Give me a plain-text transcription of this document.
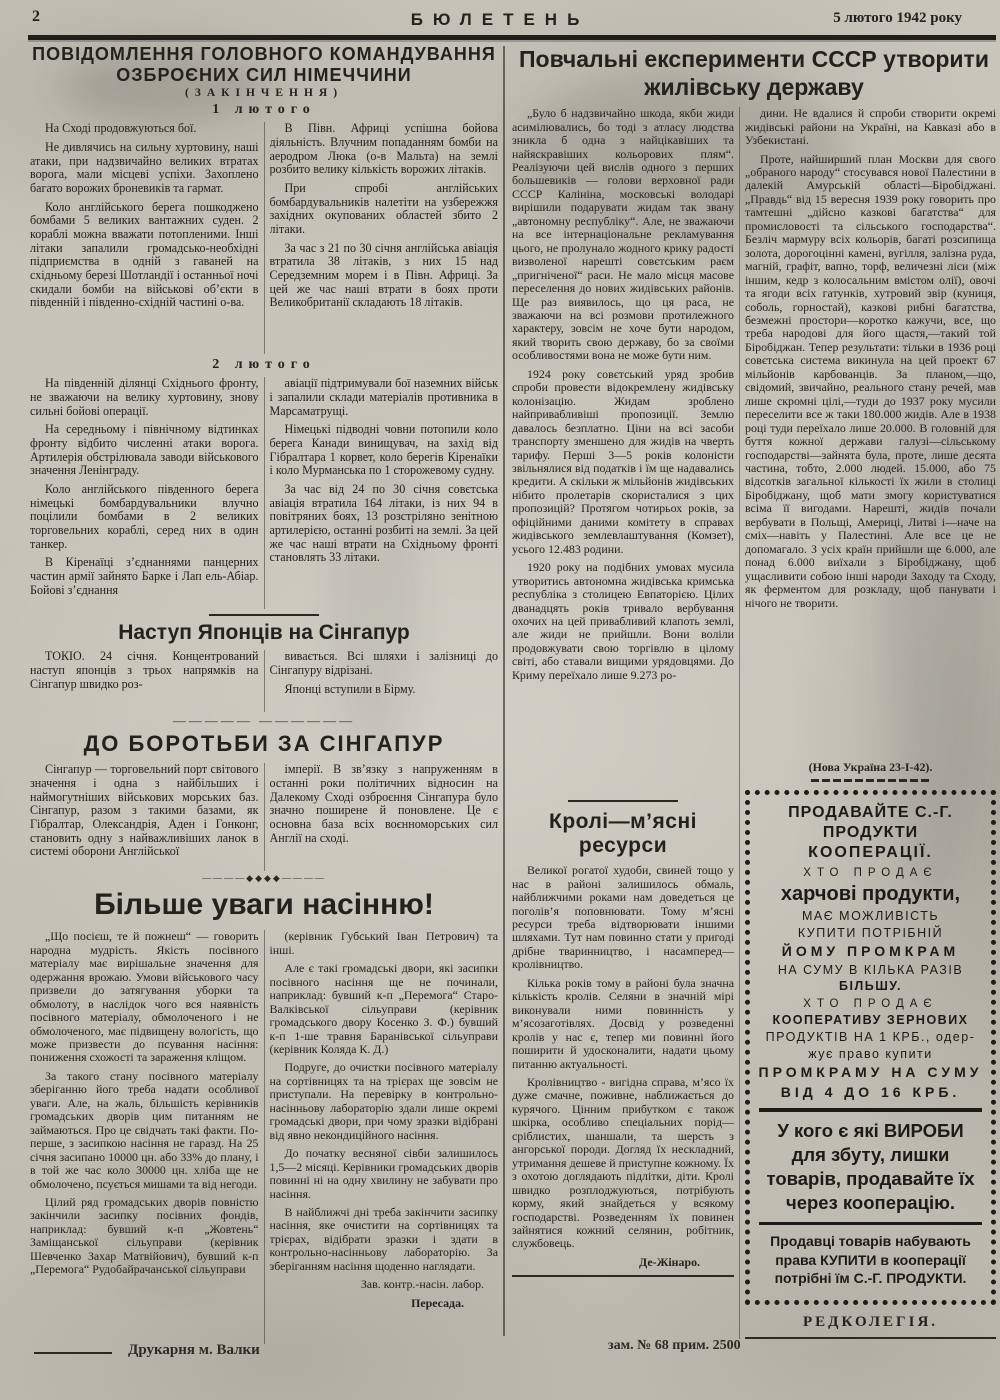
2	БЮЛЕТЕНЬ	5 лютого 1942 року
ПОВІДОМЛЕННЯ ГОЛОВНОГО КОМАНДУВАННЯ
ОЗБРОЄНИХ СИЛ НІМЕЧЧИНИ
(ЗАКІНЧЕННЯ)
1 лютого

На Сході продовжуються бої.

Не дивлячись на сильну хуртовину, наші атаки, при надзвичайно великих втратах ворога, мали місцеві успіхи. Захоплено багато ворожих броневиків та гармат.

Коло англійського берега пошкоджено бомбами 5 великих вантажних суден. 2 кораблі можна вважати потопленими. Інші літаки запалили громадсько-необхідні підприємства в одній з гаваней на східньому березі Шотландії і останньої ночі скидали бомби на військові об’єкти в південній і південно-східній частині о-ва.

В Півн. Африці успішна бойова діяльність. Влучним попаданням бомби на аеродром Люка (о-в Мальта) на землі розбито велику кількість ворожих літаків.

При спробі англійських бомбардувальників налетіти на узбережжя західних окупованих областей збито 2 літаки.

За час з 21 по 30 січня англійська авіація втратила 38 літаків, з них 15 над Середземним морем і в Півн. Африці. За цей же час наші втрати в боях проти Великобританії складають 18 літаків.

2 лютого

На південній ділянці Східнього фронту, не зважаючи на велику хуртовину, знову сильні бойові операції.

На середньому і північному відтинках фронту відбито численні атаки ворога. Артилерія обстрілювала заводи військового значення Ленінграду.

Коло англійського південного берега німецькі бомбардувальники влучно поцілили бомбами в 2 великих торговельних кораблі, серед них в один танкер.

В Кіренаїці з’єднаннями панцерних частин армії зайнято Барке і Лап ель-Абіар. Бойові з’єднання

авіації підтримували бої наземних військ і запалили склади матеріалів противника в Марсаматрущі.

Німецькі підводні човни потопили коло берега Канади винищувач, на захід від Гібралтара 1 корвет, коло берегів Кіренаїки і коло Мурманська по 1 сторожевому судну.

За час від 24 по 30 січня совєтська авіація втратила 164 літаки, із них 94 в повітряних боях, 13 розстріляно зенітною артилерією, останні розбиті на землі. За цей же час наші втрати на Східньому фронті становлять 33 літаки.

Наступ Японців на Сінгапур

ТОКІО. 24 січня. Концентрований наступ японців з трьох напрямків на Сінгапур швидко роз-

вивається. Всі шляхи і залізниці до Сінгапуру відрізані.

Японці вступили в Бірму.

————— ——————
ДО БОРОТЬБИ ЗА СІНГАПУР

Сінгапур — торговельний порт світового значення і одна з найбільших і наймогутніших військових морських баз. Сінгапур, разом з такими базами, як Гібралтар, Олександрія, Аден і Гонконг, становить одну з найважливіших ланок в системі оборони Англійської

імперії. В зв’язку з напруженням в останні роки політичних відносин на Далекому Сході озброєння Сінгапура було значно поширене й поновлене. Це є основна база всіх воєнноморських сил Англії на сході.

————◆◆◆◆————
Більше уваги насінню!

„Що посієш, те й пожнеш“ — говорить народна мудрість. Якість посівного матеріалу має вирішальне значення для одержання врожаю. Умови військового часу призвели до затягування уборки та обмолоту, в наслідок чого вся наявність посівного матеріалу, обмолоченого і не обмолоченого, має підвищену вологість, що може призвести до псування насіння: пониження схожості та зараження кліщом.

За такого стану посівного матеріалу зберіганню його треба надати особливої уваги. Але, на жаль, більшість керівників громадських дворів цим питанням не займаються. Про це свідчать такі факти. По-перше, з засипкою насіння не гаразд. На 25 січня засипано 10000 цн. або 33% до плану, і в той же час коло 30000 цн. хліба ще не обмолочено, псується мишами та від негоди.

Цілий ряд громадських дворів повністю закінчили засипку посівних фондів, наприклад: бувший к-п „Жовтень“ Заміщанської сільуправи (керівник Шевченко Захар Матвійович), бувший к-п „Перемога“ Рудобайрачанської сільуправи

(керівник Губський Іван Петрович) та інші.

Але є такі громадські двори, які засипки посівного насіння ще не починали, наприклад: бувший к-п „Перемога“ Старо-Валківської сільуправи (керівник громадського двору Косенко З. Ф.) бувший к-п 1-ше травня Баранівської сільуправи (керівник Коляда К. Д.)

Подруге, до очистки посівного матеріалу на сортівницях та на трієрах ще зовсім не приступали. На перевірку в контрольно-насінньову лабораторію здали лише окремі громадські двори, при чому зразки відібрані від явно некондиційного насіння.

До початку весняної сівби залишилось 1,5—2 місяці. Керівники громадських дворів повинні ні на одну хвилину не забувати про насіння.

В найближчі дні треба закінчити засипку насіння, яке очистити на сортівницях та трієрах, відібрати зразки і здати в контрольно-насінньову лабораторію. За зберіганням насіння щоденно наглядати.

Зав. контр.-насін. лабор.

Пересада.

Повчальні експерименти СССР утворити
жилівську державу

„Було б надзвичайно шкода, якби жиди асимілювались, бо тоді з атласу людства зникла б одна з найцікавіших та найяскравіших кольорових плям“. Реалізуючи цей вислів одного з перших большевиків — голови верховної ради СССР Калініна, московські володарі вирішили подарувати жидам так звану „автономну республіку“. Але, не зважаючи на все інтернаціональне рекламування цього, не пролунало жодного крику радості визволеної нарешті совєтським раєм „пригніченої“ раси. Не мало місця масове переселення до нових жидівських районів. Ще раз виявилось, що ця раса, не зважаючи на всі розмови протилежного характеру, зовсім не хоче бути народом, який творить свою державу, бо за своїми особливостями вона не може бути ним.

1924 року совєтський уряд зробив спроби провести відокремлену жидівську колонізацію. Жидам зроблено найпривабливіші пропозиції. Землю давалось безплатно. Ціни на всі засоби транспорту зменшено для жидів на чверть тарифу. Перші 3—5 років колоністи звільнялися від податків і їм ще надавались кредити. А скільки ж мільйонів жидівських нібито пролетарів скористалися з цих пропозицій? Протягом чотирьох років, за офіційними даними комітету в справах жидівського землевлаштування (Комзет), усього 12.483 родини.

1920 року на подібних умовах мусила утворитись автономна жидівська кримська республіка з столицею Евпаторією. Цілих дванадцять років тривало вербування охочих на цей привабливий клапоть землі, але жиди не прийшли. Вони воліли продовжувати свою торгівлю в цілому світі, або ставали вищими урядовцями. До Криму переїхало лише 9.273 ро-

Кролі—м’ясні ресурси

Великої рогатої худоби, свиней тощо у нас в районі залишилось обмаль, найближчими роками нам доведеться це поголів’я поповнювати. Тому м’ясні ресурси треба відтворювати іншими шляхами. Тут нам повинно стати у пригоді дрібне тваринництво, і насамперед—кролівництво.

Кілька років тому в районі була значна кількість кролів. Селяни в значній мірі виконували ними повинність у м’ясозаготівлях. Досвід у розведенні кролів у нас є, тепер ми повинні його поширити й удосконалити, надати цьому питанню актуальності.

Кролівництво - вигідна справа, м’ясо їх дуже смачне, поживне, наближається до курячого. Цінним прибутком є також шкірка, особливо спеціальних порід—сріблистих, шаншали, та шерсть з ангорської породи. Догляд їх нескладний, утримання дешеве й приступне кожному. Їх з охотою доглядають підлітки, діти. Кролі швидко розплоджуються, потрібують корму, який знайдеться у всякому господарстві. Розведенням їх повинен зайнятися кожний селянин, робітник, службовець.

Де-Жінаро.

дини. Не вдалися й спроби створити окремі жидівські райони на Україні, на Кавказі або в Узбекистані.

Проте, найширший план Москви для свого „обраного народу“ стосувався нової Палестини в далекій Амурській області—Біробіджані. „Правдь“ від 15 вересня 1939 року говорить про тамтешні „дійсно казкові багатства“ для промисловості та сільського господарства“. Безліч мармуру всіх кольорів, багаті розсипища золота, дорогоцінні камені, вугілля, залізна руда, магній, графіт, вапно, торф, величезні ліси (між іншим, кедр з колосальним вмістом олії), овочі та ягоди всіх гатунків, хутровий звір (куниця, соболь, горностай), казкові рибні багатства, безмежні простори—коротко кажучи, все, що треба народові для його щастя,—такий той Біробіджан. Тепер результати: тільки в 1936 році совєтська система викинула на цей проект 67 мільйонів карбованців. За планом,—що, свідомий, звичайно, реального стану речей, мав лише скромні цілі,—туди до 1937 року мусили переселити все ж таки 180.000 жидів. Але в 1938 році туди переїхало лише 20.000. В головній для буття кожної держави галузі—сільському господарстві—зайнята була, проте, лише десята частина, тобто, 2.000 людей. 15.000, або 75 відсотків загальної кількості їх жили в столиці Біробіджану, щоб мати змогу користуватися всіма її вигодами. Нарешті, жидів почали вербувати в Польщі, Америці, Литві і—наче на сміх—навіть у Палестині. Але все це не допомагало. З усіх країн прийшли ще 6.000, але понад 6.000 виїхали з Біробіджану, щоб ущасливити собою інші народи Заходу та Сходу, як ферментом для розкладу, щоб панувати і нічого не творити.

(Нова Україна 23-І-42).

ПРОДАВАЙТЕ С.-Г. ПРОДУКТИ
КООПЕРАЦІЇ.
ХТО ПРОДАЄ
харчові продукти,
МАЄ МОЖЛИВІСТЬ
КУПИТИ ПОТРІБНІЙ
ЙОМУ ПРОМКРАМ
НА СУМУ В КІЛЬКА РАЗІВ
БІЛЬШУ.
ХТО ПРОДАЄ
КООПЕРАТИВУ ЗЕРНОВИХ
ПРОДУКТІВ НА 1 КРБ., одер-
жує право купити
ПРОМКРАМУ НА СУМУ
ВІД 4 ДО 16 КРБ.
У кого є які ВИРОБИ для збуту, лишки товарів, продавайте їх через кооперацію.
Продавці товарів набувають права КУПИТИ в кооперації потрібні їм С.-Г. ПРОДУКТИ.
РЕДКОЛЕГІЯ.
Друкарня м. Валки	зам. № 68 прим. 2500
